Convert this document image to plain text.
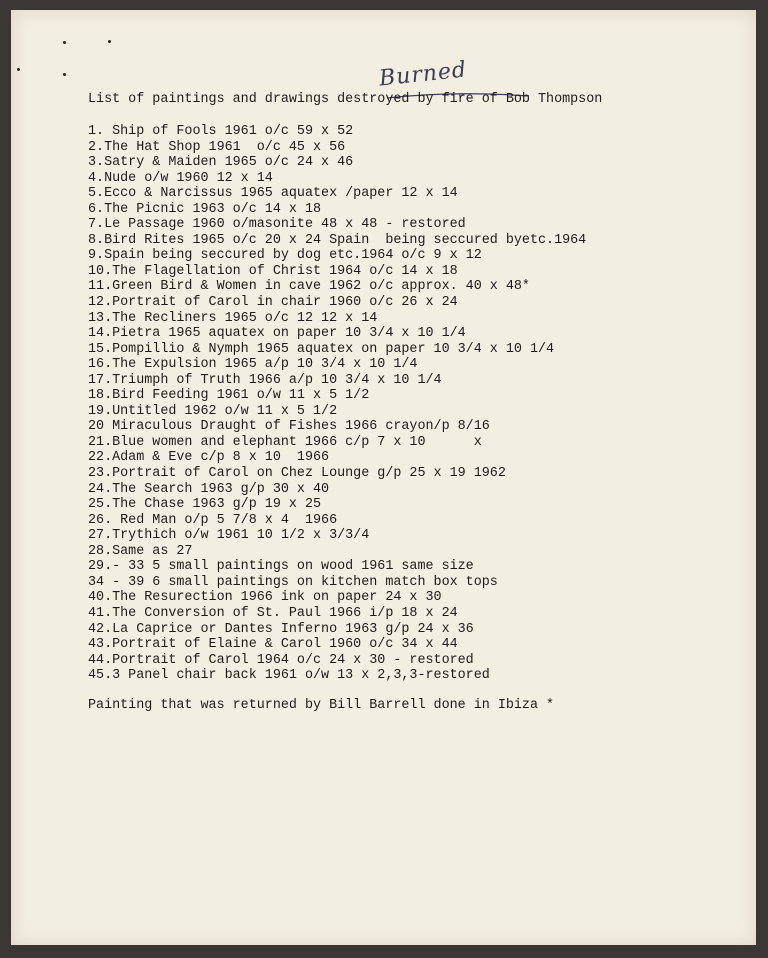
Burned
List of paintings and drawings destroyed by fire of Bob Thompson
1. Ship of Fools 1961 o/c 59 x 52
2.The Hat Shop 1961  o/c 45 x 56
3.Satry & Maiden 1965 o/c 24 x 46
4.Nude o/w 1960 12 x 14
5.Ecco & Narcissus 1965 aquatex /paper 12 x 14
6.The Picnic 1963 o/c 14 x 18
7.Le Passage 1960 o/masonite 48 x 48 - restored
8.Bird Rites 1965 o/c 20 x 24 Spain  being seccured byetc.1964
9.Spain being seccured by dog etc.1964 o/c 9 x 12
10.The Flagellation of Christ 1964 o/c 14 x 18
11.Green Bird & Women in cave 1962 o/c approx. 40 x 48*
12.Portrait of Carol in chair 1960 o/c 26 x 24
13.The Recliners 1965 o/c 12 12 x 14
14.Pietra 1965 aquatex on paper 10 3/4 x 10 1/4
15.Pompillio & Nymph 1965 aquatex on paper 10 3/4 x 10 1/4
16.The Expulsion 1965 a/p 10 3/4 x 10 1/4
17.Triumph of Truth 1966 a/p 10 3/4 x 10 1/4
18.Bird Feeding 1961 o/w 11 x 5 1/2
19.Untitled 1962 o/w 11 x 5 1/2
20 Miraculous Draught of Fishes 1966 crayon/p 8/16
21.Blue women and elephant 1966 c/p 7 x 10      x
22.Adam & Eve c/p 8 x 10  1966
23.Portrait of Carol on Chez Lounge g/p 25 x 19 1962
24.The Search 1963 g/p 30 x 40
25.The Chase 1963 g/p 19 x 25
26. Red Man o/p 5 7/8 x 4  1966
27.Trythich o/w 1961 10 1/2 x 3/3/4
28.Same as 27
29.- 33 5 small paintings on wood 1961 same size
34 - 39 6 small paintings on kitchen match box tops
40.The Resurection 1966 ink on paper 24 x 30
41.The Conversion of St. Paul 1966 i/p 18 x 24
42.La Caprice or Dantes Inferno 1963 g/p 24 x 36
43.Portrait of Elaine & Carol 1960 o/c 34 x 44
44.Portrait of Carol 1964 o/c 24 x 30 - restored
45.3 Panel chair back 1961 o/w 13 x 2,3,3-restored
Painting that was returned by Bill Barrell done in Ibiza *
